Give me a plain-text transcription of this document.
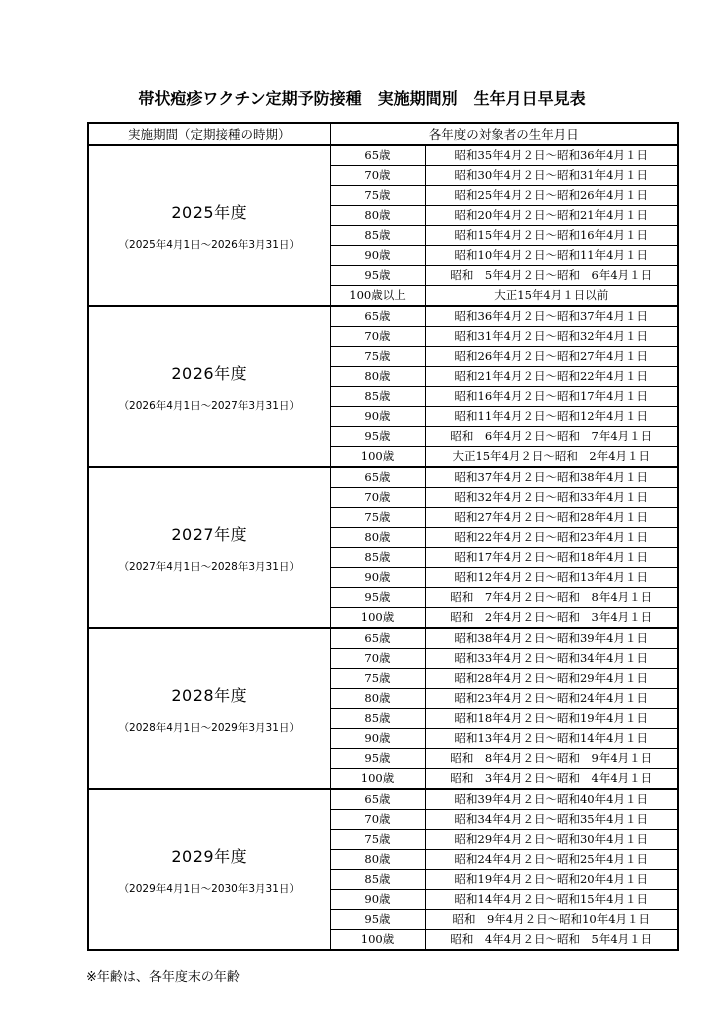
帯状疱疹ワクチン定期予防接種　実施期間別　生年月日早見表
実施期間（定期接種の時期）	各年度の対象者の生年月日	

2025年度
（2025年4月1日～2026年3月31日）	65歳	昭和35年4月２日～昭和36年4月１日
	70歳	昭和30年4月２日～昭和31年4月１日
	75歳	昭和25年4月２日～昭和26年4月１日
	80歳	昭和20年4月２日～昭和21年4月１日
	85歳	昭和15年4月２日～昭和16年4月１日
	90歳	昭和10年4月２日～昭和11年4月１日
	95歳	昭和　5年4月２日～昭和　6年4月１日
	100歳以上	大正15年4月１日以前

2026年度
（2026年4月1日～2027年3月31日）	65歳	昭和36年4月２日～昭和37年4月１日
	70歳	昭和31年4月２日～昭和32年4月１日
	75歳	昭和26年4月２日～昭和27年4月１日
	80歳	昭和21年4月２日～昭和22年4月１日
	85歳	昭和16年4月２日～昭和17年4月１日
	90歳	昭和11年4月２日～昭和12年4月１日
	95歳	昭和　6年4月２日～昭和　7年4月１日
	100歳	大正15年4月２日～昭和　2年4月１日

2027年度
（2027年4月1日～2028年3月31日）	65歳	昭和37年4月２日～昭和38年4月１日
	70歳	昭和32年4月２日～昭和33年4月１日
	75歳	昭和27年4月２日～昭和28年4月１日
	80歳	昭和22年4月２日～昭和23年4月１日
	85歳	昭和17年4月２日～昭和18年4月１日
	90歳	昭和12年4月２日～昭和13年4月１日
	95歳	昭和　7年4月２日～昭和　8年4月１日
	100歳	昭和　2年4月２日～昭和　3年4月１日

2028年度
（2028年4月1日～2029年3月31日）	65歳	昭和38年4月２日～昭和39年4月１日
	70歳	昭和33年4月２日～昭和34年4月１日
	75歳	昭和28年4月２日～昭和29年4月１日
	80歳	昭和23年4月２日～昭和24年4月１日
	85歳	昭和18年4月２日～昭和19年4月１日
	90歳	昭和13年4月２日～昭和14年4月１日
	95歳	昭和　8年4月２日～昭和　9年4月１日
	100歳	昭和　3年4月２日～昭和　4年4月１日

2029年度
（2029年4月1日～2030年3月31日）	65歳	昭和39年4月２日～昭和40年4月１日
	70歳	昭和34年4月２日～昭和35年4月１日
	75歳	昭和29年4月２日～昭和30年4月１日
	80歳	昭和24年4月２日～昭和25年4月１日
	85歳	昭和19年4月２日～昭和20年4月１日
	90歳	昭和14年4月２日～昭和15年4月１日
	95歳	昭和　9年4月２日～昭和10年4月１日
	100歳	昭和　4年4月２日～昭和　5年4月１日
※年齢は、各年度末の年齢
